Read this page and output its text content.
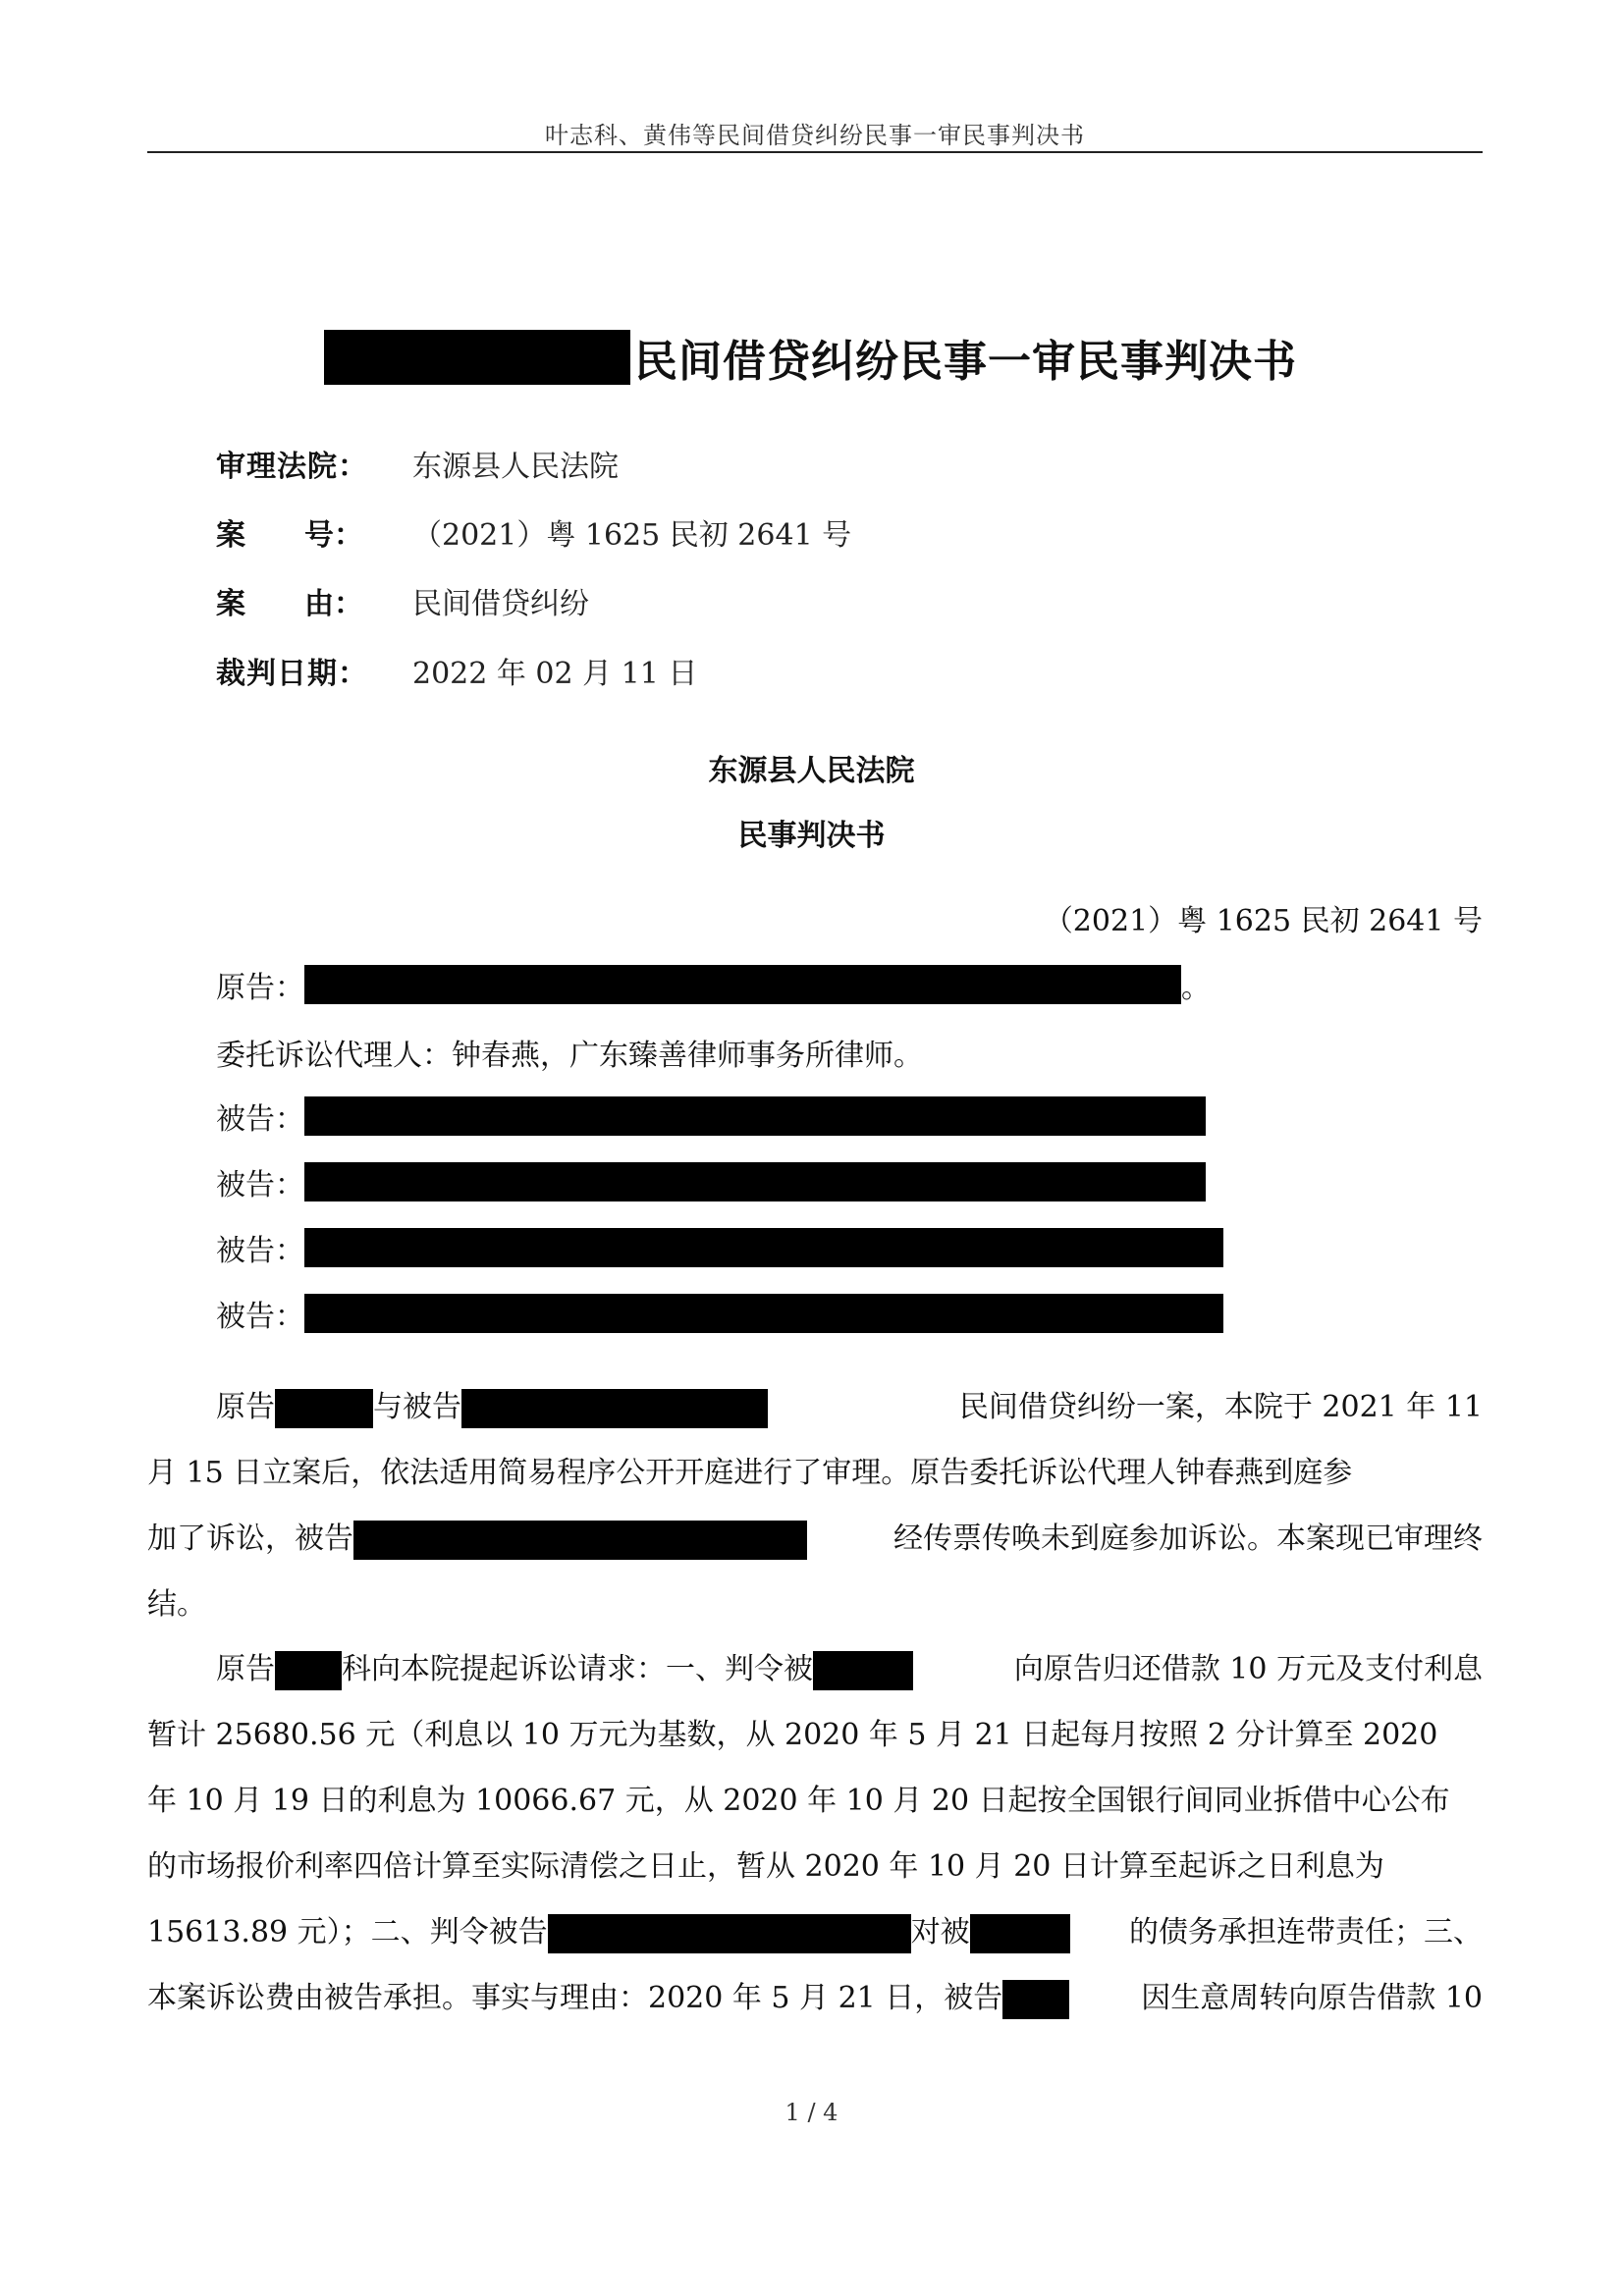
叶志科、黄伟等民间借贷纠纷民事一审民事判决书
民间借贷纠纷民事一审民事判决书
审理法院：	东源县人民法院
案　　号：	（2021）粤 1625 民初 2641 号
案　　由：	民间借贷纠纷
裁判日期：	2022 年 02 月 11 日
东源县人民法院
民事判决书
（2021）粤 1625 民初 2641 号
原告：	。
委托诉讼代理人：钟春燕，广东臻善律师事务所律师。
被告：
被告：
被告：
被告：
原告	与被告	民间借贷纠纷一案，本院于 2021 年 11
月 15 日立案后，依法适用简易程序公开开庭进行了审理。原告委托诉讼代理人钟春燕到庭参
加了诉讼，被告	经传票传唤未到庭参加诉讼。本案现已审理终
结。
原告 科向本院提起诉讼请求：一、判令被	向原告归还借款 10 万元及支付利息
暂计 25680.56 元（利息以 10 万元为基数，从 2020 年 5 月 21 日起每月按照 2 分计算至 2020
年 10 月 19 日的利息为 10066.67 元，从 2020 年 10 月 20 日起按全国银行间同业拆借中心公布
的市场报价利率四倍计算至实际清偿之日止，暂从 2020 年 10 月 20 日计算至起诉之日利息为
15613.89 元）；二、判令被告	对被	的债务承担连带责任；三、
本案诉讼费由被告承担。事实与理由：2020 年 5 月 21 日，被告	因生意周转向原告借款 10
1 / 4
